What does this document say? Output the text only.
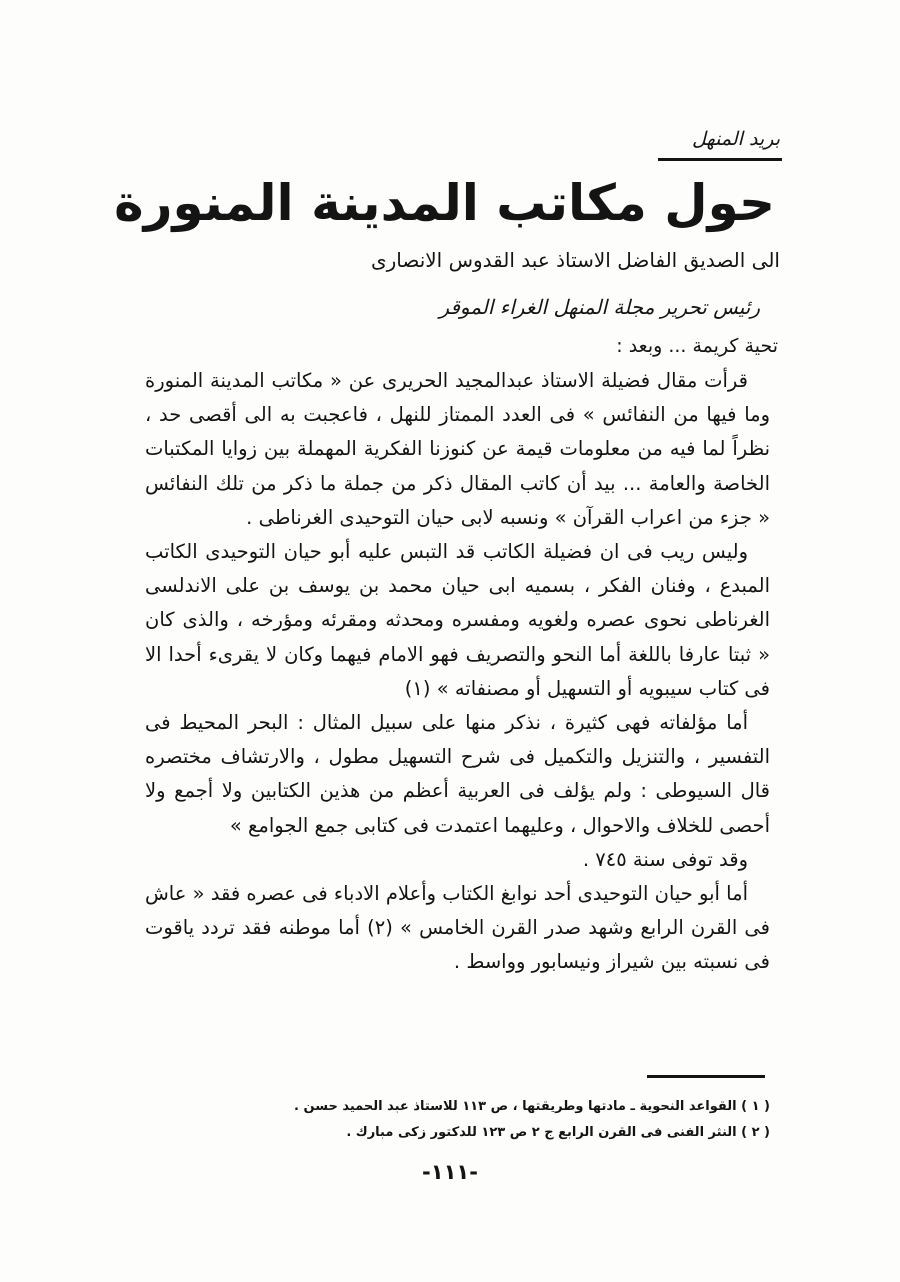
بريد المنهل
حول مكاتب المدينة المنورة
الى الصديق الفاضل الاستاذ عبد القدوس الانصارى
رئيس تحرير مجلة المنهل الغراء الموقر
تحية كريمة ... وبعد :

قرأت مقال فضيلة الاستاذ عبدالمجيد الحريرى عن « مكاتب المدينة المنورة وما فيها من النفائس » فى العدد الممتاز للنهل ، فاعجبت به الى أقصى حد ، نظراً لما فيه من معلومات قيمة عن كنوزنا الفكرية المهملة بين زوايا المكتبات الخاصة والعامة ... بيد أن كاتب المقال ذكر من جملة ما ذكر من تلك النفائس « جزء من اعراب القرآن » ونسبه لابى حيان التوحيدى الغرناطى .

وليس ريب فى ان فضيلة الكاتب قد التبس عليه أبو حيان التوحيدى الكاتب المبدع ، وفنان الفكر ، بسميه ابى حيان محمد بن يوسف بن على الاندلسى الغرناطى نحوى عصره ولغويه ومفسره ومحدثه ومقرئه ومؤرخه ، والذى كان « ثبتا عارفا باللغة أما النحو والتصريف فهو الامام فيهما وكان لا يقرىء أحدا الا فى كتاب سيبويه أو التسهيل أو مصنفاته » (١)

أما مؤلفاته فهى كثيرة ، نذكر منها على سبيل المثال : البحر المحيط فى التفسير ، والتنزيل والتكميل فى شرح التسهيل مطول ، والارتشاف مختصره قال السيوطى : ولم يؤلف فى العربية أعظم من هذين الكتابين ولا أجمع ولا أحصى للخلاف والاحوال ، وعليهما اعتمدت فى كتابى جمع الجوامع »

وقد توفى سنة ٧٤٥ .

أما أبو حيان التوحيدى أحد نوابغ الكتاب وأعلام الادباء فى عصره فقد « عاش فى القرن الرابع وشهد صدر القرن الخامس » (٢) أما موطنه فقد تردد ياقوت فى نسبته بين شيراز ونيسابور وواسط .

( ١ ) القواعد النحوية ـ مادتها وطريقتها ، ص ١١٣ للاستاذ عبد الحميد حسن .
( ٢ ) النثر الفنى فى القرن الرابع ج ٢ ص ١٢٣ للدكتور زكى مبارك .
-١١١-
